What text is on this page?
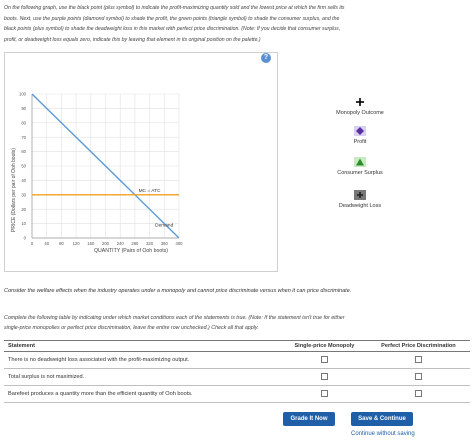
On the following graph, use the black point (plus symbol) to indicate the profit-maximizing quantity sold and the lowest price at which the firm sells its
boots. Next, use the purple points (diamond symbol) to shade the profit, the green points (triangle symbol) to shade the consumer surplus, and the
black points (plus symbol) to shade the deadweight loss in this market with perfect price discrimination. (Note: If you decide that consumer surplus,
profit, or deadweight loss equals zero, indicate this by leaving that element in its original position on the palette.)
?
0
10
20
30
40
50
60
70
80
90
100
0	40 80 120 160 200 240 280 320 360 400
MC = ATC
Demand
PRICE (Dollars per pair of Ooh boots)
QUANTITY (Pairs of Ooh boots)
Monopoly Outcome
Profit
Consumer Surplus
Deadweight Loss
Consider the welfare effects when the industry operates under a monopoly and cannot price discriminate versus when it can price discriminate.
Complete the following table by indicating under which market conditions each of the statements is true. (Note: If the statement isn't true for either
single-price monopolies or perfect price discrimination, leave the entire row unchecked.) Check all that apply.
Statement	Single-price Monopoly	Perfect Price Discrimination
There is no deadweight loss associated with the profit-maximizing output.		
Total surplus is not maximized.		
Barefeet produces a quantity more than the efficient quantity of Ooh boots.		
Grade It Now	Save & Continue
Continue without saving
